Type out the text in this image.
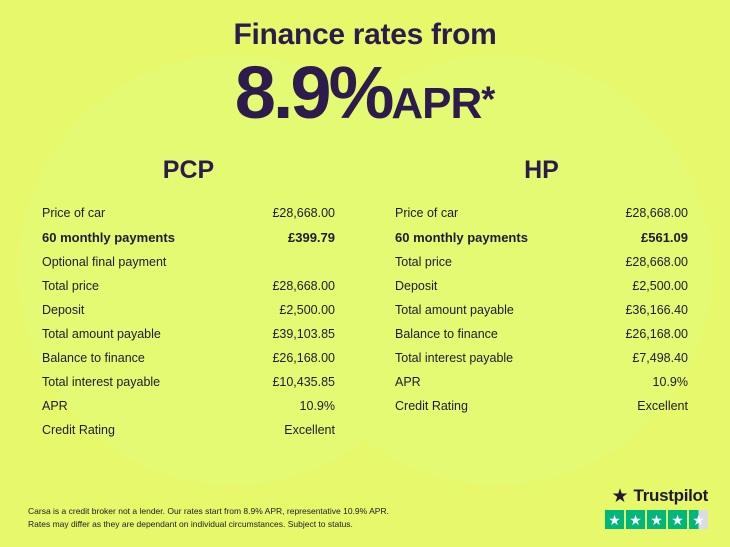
Finance rates from
8.9%APR*
PCP
Price of car	£28,668.00
60 monthly payments	£399.79
Optional final payment	
Total price	£28,668.00
Deposit	£2,500.00
Total amount payable	£39,103.85
Balance to finance	£26,168.00
Total interest payable	£10,435.85
APR	10.9%
Credit Rating	Excellent
HP
Price of car	£28,668.00
60 monthly payments	£561.09
Total price	£28,668.00
Deposit	£2,500.00
Total amount payable	£36,166.40
Balance to finance	£26,168.00
Total interest payable	£7,498.40
APR	10.9%
Credit Rating	Excellent
Carsa is a credit broker not a lender. Our rates start from 8.9% APR, representative 10.9% APR.
Rates may differ as they are dependant on individual circumstances. Subject to status.
★ Trustpilot
★ ★ ★ ★ ★
